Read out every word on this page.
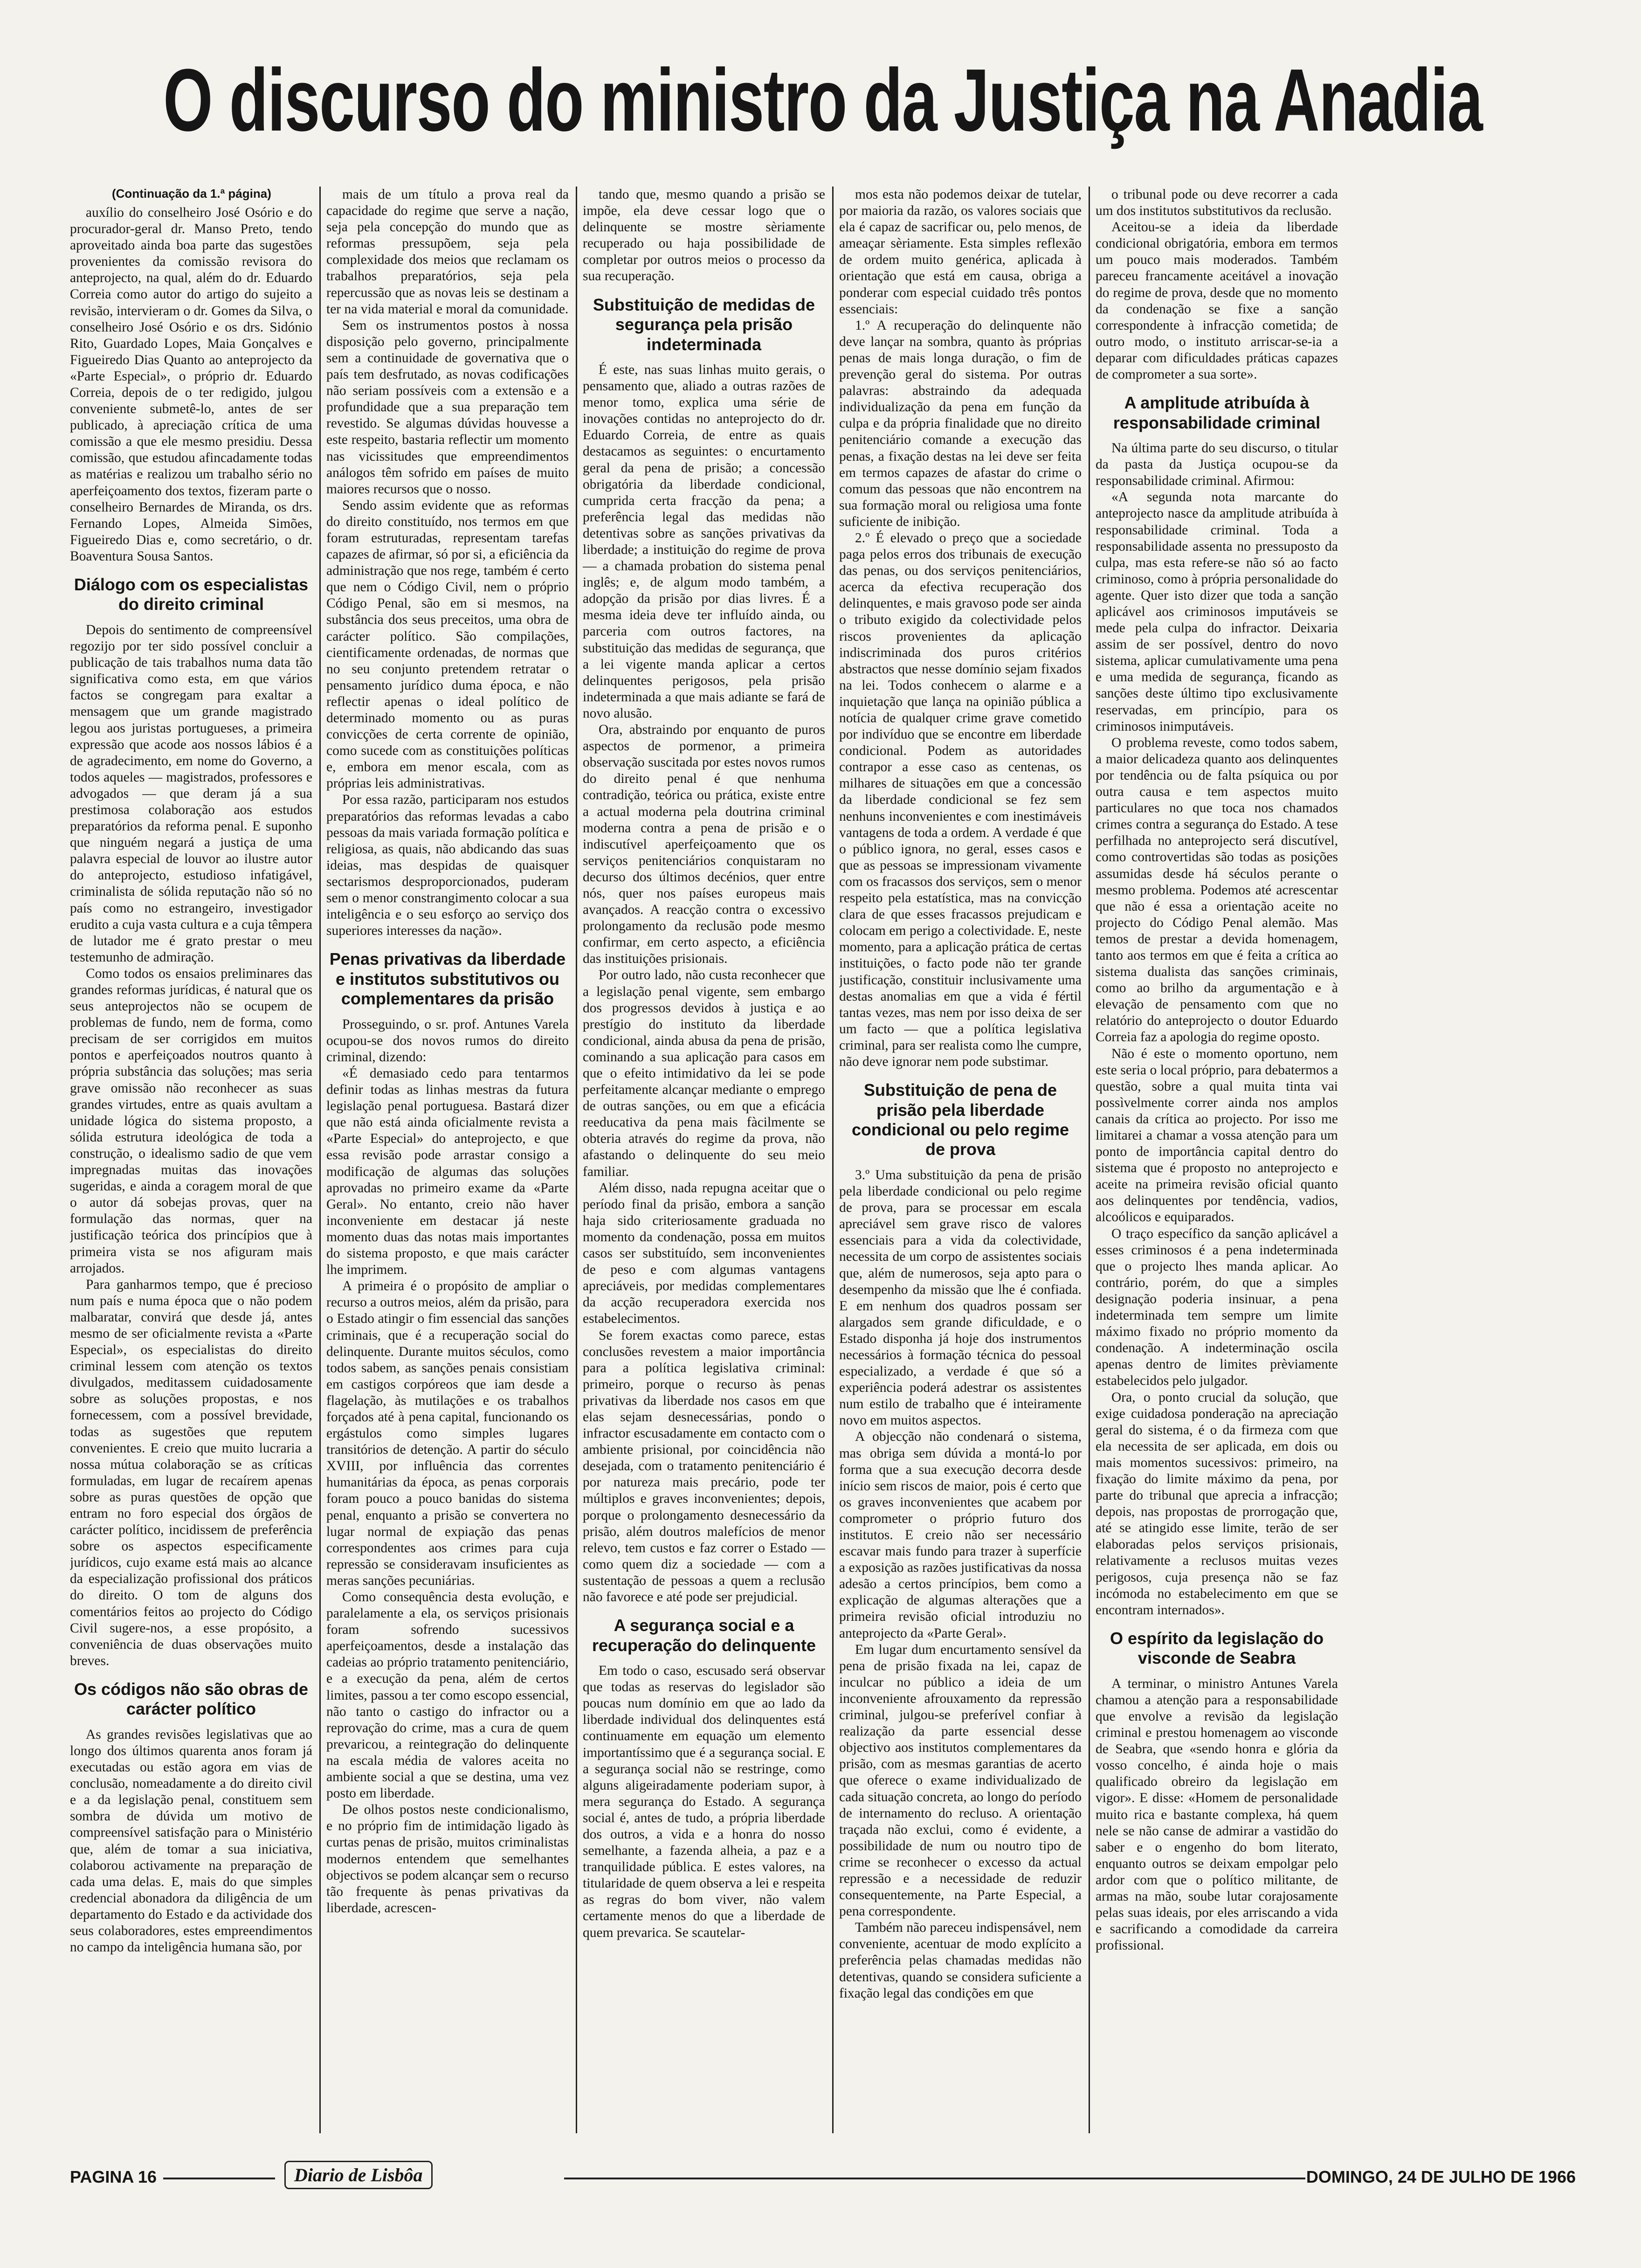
O discurso do ministro da Justiça na Anadia

(Continuação da 1.ª página)

auxílio do conselheiro José Osório e do procurador-geral dr. Manso Preto, tendo aproveitado ainda boa parte das sugestões provenientes da comissão revisora do anteprojecto, na qual, além do dr. Eduardo Correia como autor do artigo do sujeito a revisão, intervieram o dr. Gomes da Silva, o conselheiro José Osório e os drs. Sidónio Rito, Guardado Lopes, Maia Gonçalves e Figueiredo Dias Quanto ao anteprojecto da «Parte Especial», o próprio dr. Eduardo Correia, depois de o ter redigido, julgou conveniente submetê-lo, antes de ser publicado, à apreciação crítica de uma comissão a que ele mesmo presidiu. Dessa comissão, que estudou afincadamente todas as matérias e realizou um trabalho sério no aperfeiçoamento dos textos, fizeram parte o conselheiro Bernardes de Miranda, os drs. Fernando Lopes, Almeida Simões, Figueiredo Dias e, como secretário, o dr. Boaventura Sousa Santos.

Diálogo com os especialistas do direito criminal

Depois do sentimento de compreensível regozijo por ter sido possível concluir a publicação de tais trabalhos numa data tão significativa como esta, em que vários factos se congregam para exaltar a mensagem que um grande magistrado legou aos juristas portugueses, a primeira expressão que acode aos nossos lábios é a de agradecimento, em nome do Governo, a todos aqueles — magistrados, professores e advogados — que deram já a sua prestimosa colaboração aos estudos preparatórios da reforma penal. E suponho que ninguém negará a justiça de uma palavra especial de louvor ao ilustre autor do anteprojecto, estudioso infatigável, criminalista de sólida reputação não só no país como no estrangeiro, investigador erudito a cuja vasta cultura e a cuja têmpera de lutador me é grato prestar o meu testemunho de admiração.

Como todos os ensaios preliminares das grandes reformas jurídicas, é natural que os seus anteprojectos não se ocupem de problemas de fundo, nem de forma, como precisam de ser corrigidos em muitos pontos e aperfeiçoados noutros quanto à própria substância das soluções; mas seria grave omissão não reconhecer as suas grandes virtudes, entre as quais avultam a unidade lógica do sistema proposto, a sólida estrutura ideológica de toda a construção, o idealismo sadio de que vem impregnadas muitas das inovações sugeridas, e ainda a coragem moral de que o autor dá sobejas provas, quer na formulação das normas, quer na justificação teórica dos princípios que à primeira vista se nos afiguram mais arrojados.

Para ganharmos tempo, que é precioso num país e numa época que o não podem malbaratar, convirá que desde já, antes mesmo de ser oficialmente revista a «Parte Especial», os especialistas do direito criminal lessem com atenção os textos divulgados, meditassem cuidadosamente sobre as soluções propostas, e nos fornecessem, com a possível brevidade, todas as sugestões que reputem convenientes. E creio que muito lucraria a nossa mútua colaboração se as críticas formuladas, em lugar de recaírem apenas sobre as puras questões de opção que entram no foro especial dos órgãos de carácter político, incidissem de preferência sobre os aspectos especificamente jurídicos, cujo exame está mais ao alcance da especialização profissional dos práticos do direito. O tom de alguns dos comentários feitos ao projecto do Código Civil sugere-nos, a esse propósito, a conveniência de duas observações muito breves.

Os códigos não são obras de carácter político

As grandes revisões legislativas que ao longo dos últimos quarenta anos foram já executadas ou estão agora em vias de conclusão, nomeadamente a do direito civil e a da legislação penal, constituem sem sombra de dúvida um motivo de compreensível satisfação para o Ministério que, além de tomar a sua iniciativa, colaborou activamente na preparação de cada uma delas. E, mais do que simples credencial abonadora da diligência de um departamento do Estado e da actividade dos seus colaboradores, estes empreendimentos no campo da inteligência humana são, por

mais de um título a prova real da capacidade do regime que serve a nação, seja pela concepção do mundo que as reformas pressupõem, seja pela complexidade dos meios que reclamam os trabalhos preparatórios, seja pela repercussão que as novas leis se destinam a ter na vida material e moral da comunidade.

Sem os instrumentos postos à nossa disposição pelo governo, principalmente sem a continuidade de governativa que o país tem desfrutado, as novas codificações não seriam possíveis com a extensão e a profundidade que a sua preparação tem revestido. Se algumas dúvidas houvesse a este respeito, bastaria reflectir um momento nas vicissitudes que empreendimentos análogos têm sofrido em países de muito maiores recursos que o nosso.

Sendo assim evidente que as reformas do direito constituído, nos termos em que foram estruturadas, representam tarefas capazes de afirmar, só por si, a eficiência da administração que nos rege, também é certo que nem o Código Civil, nem o próprio Código Penal, são em si mesmos, na substância dos seus preceitos, uma obra de carácter político. São compilações, cientificamente ordenadas, de normas que no seu conjunto pretendem retratar o pensamento jurídico duma época, e não reflectir apenas o ideal político de determinado momento ou as puras convicções de certa corrente de opinião, como sucede com as constituições políticas e, embora em menor escala, com as próprias leis administrativas.

Por essa razão, participaram nos estudos preparatórios das reformas levadas a cabo pessoas da mais variada formação política e religiosa, as quais, não abdicando das suas ideias, mas despidas de quaisquer sectarismos desproporcionados, puderam sem o menor constrangimento colocar a sua inteligência e o seu esforço ao serviço dos superiores interesses da nação».

Penas privativas da liberdade e institutos substitutivos ou complementares da prisão

Prosseguindo, o sr. prof. Antunes Varela ocupou-se dos novos rumos do direito criminal, dizendo:

«É demasiado cedo para tentarmos definir todas as linhas mestras da futura legislação penal portuguesa. Bastará dizer que não está ainda oficialmente revista a «Parte Especial» do anteprojecto, e que essa revisão pode arrastar consigo a modificação de algumas das soluções aprovadas no primeiro exame da «Parte Geral». No entanto, creio não haver inconveniente em destacar já neste momento duas das notas mais importantes do sistema proposto, e que mais carácter lhe imprimem.

A primeira é o propósito de ampliar o recurso a outros meios, além da prisão, para o Estado atingir o fim essencial das sanções criminais, que é a recuperação social do delinquente. Durante muitos séculos, como todos sabem, as sanções penais consistiam em castigos corpóreos que iam desde a flagelação, às mutilações e os trabalhos forçados até à pena capital, funcionando os ergástulos como simples lugares transitórios de detenção. A partir do século XVIII, por influência das correntes humanitárias da época, as penas corporais foram pouco a pouco banidas do sistema penal, enquanto a prisão se convertera no lugar normal de expiação das penas correspondentes aos crimes para cuja repressão se consideravam insuficientes as meras sanções pecuniárias.

Como consequência desta evolução, e paralelamente a ela, os serviços prisionais foram sofrendo sucessivos aperfeiçoamentos, desde a instalação das cadeias ao próprio tratamento penitenciário, e a execução da pena, além de certos limites, passou a ter como escopo essencial, não tanto o castigo do infractor ou a reprovação do crime, mas a cura de quem prevaricou, a reintegração do delinquente na escala média de valores aceita no ambiente social a que se destina, uma vez posto em liberdade.

De olhos postos neste condicionalismo, e no próprio fim de intimidação ligado às curtas penas de prisão, muitos criminalistas modernos entendem que semelhantes objectivos se podem alcançar sem o recurso tão frequente às penas privativas da liberdade, acrescen-

tando que, mesmo quando a prisão se impõe, ela deve cessar logo que o delinquente se mostre sèriamente recuperado ou haja possibilidade de completar por outros meios o processo da sua recuperação.

Substituição de medidas de segurança pela prisão indeterminada

É este, nas suas linhas muito gerais, o pensamento que, aliado a outras razões de menor tomo, explica uma série de inovações contidas no anteprojecto do dr. Eduardo Correia, de entre as quais destacamos as seguintes: o encurtamento geral da pena de prisão; a concessão obrigatória da liberdade condicional, cumprida certa fracção da pena; a preferência legal das medidas não detentivas sobre as sanções privativas da liberdade; a instituição do regime de prova — a chamada probation do sistema penal inglês; e, de algum modo também, a adopção da prisão por dias livres. É a mesma ideia deve ter influído ainda, ou parceria com outros factores, na substituição das medidas de segurança, que a lei vigente manda aplicar a certos delinquentes perigosos, pela prisão indeterminada a que mais adiante se fará de novo alusão.

Ora, abstraindo por enquanto de puros aspectos de pormenor, a primeira observação suscitada por estes novos rumos do direito penal é que nenhuma contradição, teórica ou prática, existe entre a actual moderna pela doutrina criminal moderna contra a pena de prisão e o indiscutível aperfeiçoamento que os serviços penitenciários conquistaram no decurso dos últimos decénios, quer entre nós, quer nos países europeus mais avançados. A reacção contra o excessivo prolongamento da reclusão pode mesmo confirmar, em certo aspecto, a eficiência das instituições prisionais.

Por outro lado, não custa reconhecer que a legislação penal vigente, sem embargo dos progressos devidos à justiça e ao prestígio do instituto da liberdade condicional, ainda abusa da pena de prisão, cominando a sua aplicação para casos em que o efeito intimidativo da lei se pode perfeitamente alcançar mediante o emprego de outras sanções, ou em que a eficácia reeducativa da pena mais fàcilmente se obteria através do regime da prova, não afastando o delinquente do seu meio familiar.

Além disso, nada repugna aceitar que o período final da prisão, embora a sanção haja sido criteriosamente graduada no momento da condenação, possa em muitos casos ser substituído, sem inconvenientes de peso e com algumas vantagens apreciáveis, por medidas complementares da acção recuperadora exercida nos estabelecimentos.

Se forem exactas como parece, estas conclusões revestem a maior importância para a política legislativa criminal: primeiro, porque o recurso às penas privativas da liberdade nos casos em que elas sejam desnecessárias, pondo o infractor escusadamente em contacto com o ambiente prisional, por coincidência não desejada, com o tratamento penitenciário é por natureza mais precário, pode ter múltiplos e graves inconvenientes; depois, porque o prolongamento desnecessário da prisão, além doutros malefícios de menor relevo, tem custos e faz correr o Estado — como quem diz a sociedade — com a sustentação de pessoas a quem a reclusão não favorece e até pode ser prejudicial.

A segurança social e a recuperação do delinquente

Em todo o caso, escusado será observar que todas as reservas do legislador são poucas num domínio em que ao lado da liberdade individual dos delinquentes está continuamente em equação um elemento importantíssimo que é a segurança social. E a segurança social não se restringe, como alguns aligeiradamente poderiam supor, à mera segurança do Estado. A segurança social é, antes de tudo, a própria liberdade dos outros, a vida e a honra do nosso semelhante, a fazenda alheia, a paz e a tranquilidade pública. E estes valores, na titularidade de quem observa a lei e respeita as regras do bom viver, não valem certamente menos do que a liberdade de quem prevarica. Se scautelar-

mos esta não podemos deixar de tutelar, por maioria da razão, os valores sociais que ela é capaz de sacrificar ou, pelo menos, de ameaçar sèriamente. Esta simples reflexão de ordem muito genérica, aplicada à orientação que está em causa, obriga a ponderar com especial cuidado três pontos essenciais:

1.º A recuperação do delinquente não deve lançar na sombra, quanto às próprias penas de mais longa duração, o fim de prevenção geral do sistema. Por outras palavras: abstraindo da adequada individualização da pena em função da culpa e da própria finalidade que no direito penitenciário comande a execução das penas, a fixação destas na lei deve ser feita em termos capazes de afastar do crime o comum das pessoas que não encontrem na sua formação moral ou religiosa uma fonte suficiente de inibição.

2.º É elevado o preço que a sociedade paga pelos erros dos tribunais de execução das penas, ou dos serviços penitenciários, acerca da efectiva recuperação dos delinquentes, e mais gravoso pode ser ainda o tributo exigido da colectividade pelos riscos provenientes da aplicação indiscriminada dos puros critérios abstractos que nesse domínio sejam fixados na lei. Todos conhecem o alarme e a inquietação que lança na opinião pública a notícia de qualquer crime grave cometido por indivíduo que se encontre em liberdade condicional. Podem as autoridades contrapor a esse caso as centenas, os milhares de situações em que a concessão da liberdade condicional se fez sem nenhuns inconvenientes e com inestimáveis vantagens de toda a ordem. A verdade é que o público ignora, no geral, esses casos e que as pessoas se impressionam vivamente com os fracassos dos serviços, sem o menor respeito pela estatística, mas na convicção clara de que esses fracassos prejudicam e colocam em perigo a colectividade. E, neste momento, para a aplicação prática de certas instituições, o facto pode não ter grande justificação, constituir inclusivamente uma destas anomalias em que a vida é fértil tantas vezes, mas nem por isso deixa de ser um facto — que a política legislativa criminal, para ser realista como lhe cumpre, não deve ignorar nem pode substimar.

Substituição de pena de prisão pela liberdade condicional ou pelo regime de prova

3.º Uma substituição da pena de prisão pela liberdade condicional ou pelo regime de prova, para se processar em escala apreciável sem grave risco de valores essenciais para a vida da colectividade, necessita de um corpo de assistentes sociais que, além de numerosos, seja apto para o desempenho da missão que lhe é confiada. E em nenhum dos quadros possam ser alargados sem grande dificuldade, e o Estado disponha já hoje dos instrumentos necessários à formação técnica do pessoal especializado, a verdade é que só a experiência poderá adestrar os assistentes num estilo de trabalho que é inteiramente novo em muitos aspectos.

A objecção não condenará o sistema, mas obriga sem dúvida a montá-lo por forma que a sua execução decorra desde início sem riscos de maior, pois é certo que os graves inconvenientes que acabem por comprometer o próprio futuro dos institutos. E creio não ser necessário escavar mais fundo para trazer à superfície a exposição as razões justificativas da nossa adesão a certos princípios, bem como a explicação de algumas alterações que a primeira revisão oficial introduziu no anteprojecto da «Parte Geral».

Em lugar dum encurtamento sensível da pena de prisão fixada na lei, capaz de inculcar no público a ideia de um inconveniente afrouxamento da repressão criminal, julgou-se preferível confiar à realização da parte essencial desse objectivo aos institutos complementares da prisão, com as mesmas garantias de acerto que oferece o exame individualizado de cada situação concreta, ao longo do período de internamento do recluso. A orientação traçada não exclui, como é evidente, a possibilidade de num ou noutro tipo de crime se reconhecer o excesso da actual repressão e a necessidade de reduzir consequentemente, na Parte Especial, a pena correspondente.

Também não pareceu indispensável, nem conveniente, acentuar de modo explícito a preferência pelas chamadas medidas não detentivas, quando se considera suficiente a fixação legal das condições em que

o tribunal pode ou deve recorrer a cada um dos institutos substitutivos da reclusão.

Aceitou-se a ideia da liberdade condicional obrigatória, embora em termos um pouco mais moderados. Também pareceu francamente aceitável a inovação do regime de prova, desde que no momento da condenação se fixe a sanção correspondente à infracção cometida; de outro modo, o instituto arriscar-se-ia a deparar com dificuldades práticas capazes de comprometer a sua sorte».

A amplitude atribuída à responsabilidade criminal

Na última parte do seu discurso, o titular da pasta da Justiça ocupou-se da responsabilidade criminal. Afirmou:

«A segunda nota marcante do anteprojecto nasce da amplitude atribuída à responsabilidade criminal. Toda a responsabilidade assenta no pressuposto da culpa, mas esta refere-se não só ao facto criminoso, como à própria personalidade do agente. Quer isto dizer que toda a sanção aplicável aos criminosos imputáveis se mede pela culpa do infractor. Deixaria assim de ser possível, dentro do novo sistema, aplicar cumulativamente uma pena e uma medida de segurança, ficando as sanções deste último tipo exclusivamente reservadas, em princípio, para os criminosos inimputáveis.

O problema reveste, como todos sabem, a maior delicadeza quanto aos delinquentes por tendência ou de falta psíquica ou por outra causa e tem aspectos muito particulares no que toca nos chamados crimes contra a segurança do Estado. A tese perfilhada no anteprojecto será discutível, como controvertidas são todas as posições assumidas desde há séculos perante o mesmo problema. Podemos até acrescentar que não é essa a orientação aceite no projecto do Código Penal alemão. Mas temos de prestar a devida homenagem, tanto aos termos em que é feita a crítica ao sistema dualista das sanções criminais, como ao brilho da argumentação e à elevação de pensamento com que no relatório do anteprojecto o doutor Eduardo Correia faz a apologia do regime oposto.

Não é este o momento oportuno, nem este seria o local próprio, para debatermos a questão, sobre a qual muita tinta vai possìvelmente correr ainda nos amplos canais da crítica ao projecto. Por isso me limitarei a chamar a vossa atenção para um ponto de importância capital dentro do sistema que é proposto no anteprojecto e aceite na primeira revisão oficial quanto aos delinquentes por tendência, vadios, alcoólicos e equiparados.

O traço específico da sanção aplicável a esses criminosos é a pena indeterminada que o projecto lhes manda aplicar. Ao contrário, porém, do que a simples designação poderia insinuar, a pena indeterminada tem sempre um limite máximo fixado no próprio momento da condenação. A indeterminação oscila apenas dentro de limites prèviamente estabelecidos pelo julgador.

Ora, o ponto crucial da solução, que exige cuidadosa ponderação na apreciação geral do sistema, é o da firmeza com que ela necessita de ser aplicada, em dois ou mais momentos sucessivos: primeiro, na fixação do limite máximo da pena, por parte do tribunal que aprecia a infracção; depois, nas propostas de prorrogação que, até se atingido esse limite, terão de ser elaboradas pelos serviços prisionais, relativamente a reclusos muitas vezes perigosos, cuja presença não se faz incómoda no estabelecimento em que se encontram internados».

O espírito da legislação do visconde de Seabra

A terminar, o ministro Antunes Varela chamou a atenção para a responsabilidade que envolve a revisão da legislação criminal e prestou homenagem ao visconde de Seabra, que «sendo honra e glória da vosso concelho, é ainda hoje o mais qualificado obreiro da legislação em vigor». E disse: «Homem de personalidade muito rica e bastante complexa, há quem nele se não canse de admirar a vastidão do saber e o engenho do bom literato, enquanto outros se deixam empolgar pelo ardor com que o político militante, de armas na mão, soube lutar corajosamente pelas suas ideais, por eles arriscando a vida e sacrificando a comodidade da carreira profissional.

PAGINA 16	Diario de Lisbôa	DOMINGO, 24 DE JULHO DE 1966
